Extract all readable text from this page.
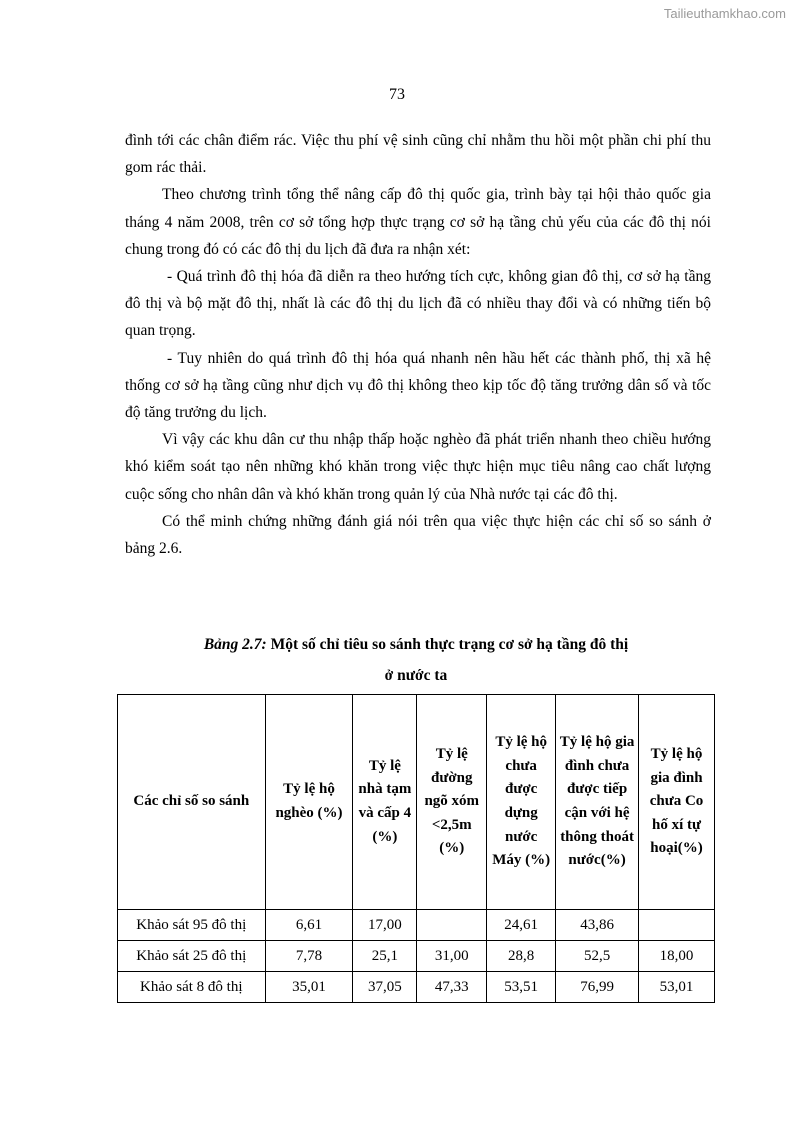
Tailieuthamkhao.com
73

đình tới các chân điểm rác. Việc thu phí vệ sinh cũng chỉ nhằm thu hồi một phần chi phí thu gom rác thải.

Theo chương trình tổng thể nâng cấp đô thị quốc gia, trình bày tại hội thảo quốc gia tháng 4 năm 2008, trên cơ sở tổng hợp thực trạng cơ sở hạ tầng chủ yếu của các đô thị nói chung trong đó có các đô thị du lịch đã đưa ra nhận xét:

- Quá trình đô thị hóa đã diễn ra theo hướng tích cực, không gian đô thị, cơ sở hạ tầng đô thị và bộ mặt đô thị, nhất là các đô thị du lịch đã có nhiều thay đổi và có những tiến bộ quan trọng.

- Tuy nhiên do quá trình đô thị hóa quá nhanh nên hầu hết các thành phố, thị xã hệ thống cơ sở hạ tầng cũng như dịch vụ đô thị không theo kịp tốc độ tăng trưởng dân số và tốc độ tăng trưởng du lịch.

Vì vậy các khu dân cư thu nhập thấp hoặc nghèo đã phát triển nhanh theo chiều hướng khó kiểm soát tạo nên những khó khăn trong việc thực hiện mục tiêu nâng cao chất lượng cuộc sống cho nhân dân và khó khăn trong quản lý của Nhà nước tại các đô thị.

Có thể minh chứng những đánh giá nói trên qua việc thực hiện các chỉ số so sánh ở bảng 2.6.

Bảng 2.7: Một số chỉ tiêu so sánh thực trạng cơ sở hạ tầng đô thị
ở nước ta
Các chỉ số so sánh	Tỷ lệ hộ nghèo (%)	Tỷ lệ nhà tạm và cấp 4 (%)	Tỷ lệ đường ngõ xóm <2,5m (%)	Tỷ lệ hộ chưa được dựng nước Máy (%)	Tỷ lệ hộ gia đình chưa được tiếp cận với hệ thông thoát nước(%)	Tỷ lệ hộ gia đình chưa Co hố xí tự hoại(%)
Khảo sát 95 đô thị	6,61	17,00		24,61	43,86	
Khảo sát 25 đô thị	7,78	25,1	31,00	28,8	52,5	18,00
Khảo sát 8 đô thị	35,01	37,05	47,33	53,51	76,99	53,01
